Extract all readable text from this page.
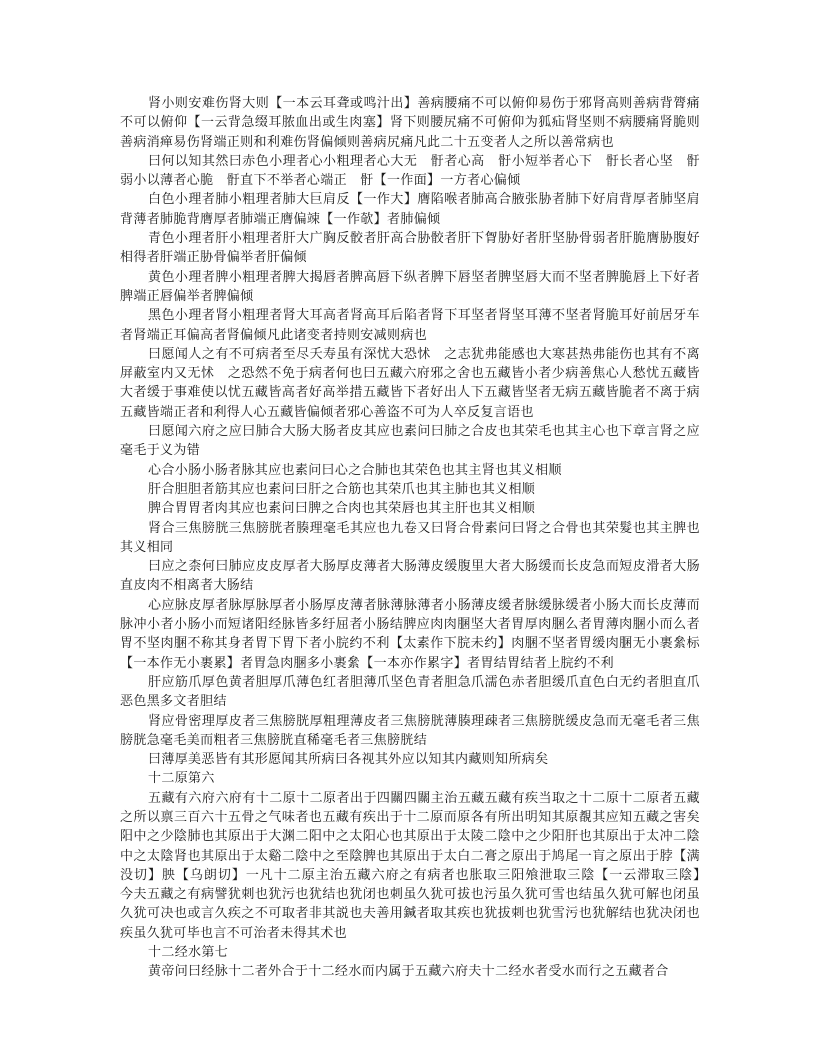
肾小则安难伤肾大则【一本云耳聋或鸣汁出】善病腰痛不可以俯仰易伤于邪肾高则善病背膂痛不可以俯仰【一云背急缀耳脓血出或生肉塞】肾下则腰尻痛不可俯仰为狐疝肾坚则不病腰痛肾脆则善病消瘅易伤肾端正则和利难伤肾偏倾则善病尻痛凡此二十五变者人之所以善常病也

曰何以知其然曰赤色小理者心小粗理者心大无　骬者心高　骬小短举者心下　骬长者心坚　骬弱小以薄者心脆　骬直下不举者心端正　骬【一作面】一方者心偏倾

白色小理者肺小粗理者肺大巨肩反【一作大】膺陷喉者肺高合腋张胁者肺下好肩背厚者肺坚肩背薄者肺脆背膺厚者肺端正膺偏竦【一作欹】者肺偏倾

青色小理者肝小粗理者肝大广胸反骹者肝高合胁骹者肝下胷胁好者肝坚胁骨弱者肝脆膺胁腹好相得者肝端正胁骨偏举者肝偏倾

黄色小理者脾小粗理者脾大揭唇者脾高唇下纵者脾下唇坚者脾坚唇大而不坚者脾脆唇上下好者脾端正唇偏举者脾偏倾

黑色小理者肾小粗理者肾大耳高者肾高耳后陷者肾下耳坚者肾坚耳薄不坚者肾脆耳好前居牙车者肾端正耳偏高者肾偏倾凡此诸变者持则安减则病也

曰愿闻人之有不可病者至尽夭寿虽有深忧大恐怵　之志犹弗能感也大寒甚热弗能伤也其有不离屏蔽室内又无怵　之恐然不免于病者何也曰五藏六府邪之舍也五藏皆小者少病善焦心人愁忧五藏皆大者缓于事难使以忧五藏皆高者好高举措五藏皆下者好出人下五藏皆坚者无病五藏皆脆者不离于病五藏皆端正者和利得人心五藏皆偏倾者邪心善盗不可为人卒反复言语也

曰愿闻六府之应曰肺合大肠大肠者皮其应也素问曰肺之合皮也其荣毛也其主心也下章言肾之应毫毛于义为错

心合小肠小肠者脉其应也素问曰心之合肺也其荣色也其主肾也其义相顺

肝合胆胆者筋其应也素问曰肝之合筋也其荣爪也其主肺也其义相顺

脾合胃胃者肉其应也素问曰脾之合肉也其荣唇也其主肝也其义相顺

肾合三焦膀胱三焦膀胱者腠理毫毛其应也九卷又曰肾合骨素问曰肾之合骨也其荣髮也其主脾也其义相同

曰应之柰何曰肺应皮皮厚者大肠厚皮薄者大肠薄皮缓腹里大者大肠缓而长皮急而短皮滑者大肠直皮肉不相离者大肠结

心应脉皮厚者脉厚脉厚者小肠厚皮薄者脉薄脉薄者小肠薄皮缓者脉缓脉缓者小肠大而长皮薄而脉冲小者小肠小而短诸阳经脉皆多纡屈者小肠结脾应肉肉䐃坚大者胃厚肉䐃么者胃薄肉䐃小而么者胃不坚肉䐃不称其身者胃下胃下者小脘约不利【太素作下脘未约】肉䐃不坚者胃缓肉䐃无小裹絫标　【一本作无小裹累】者胃急肉䐃多小裹絫【一本亦作累字】者胃结胃结者上脘约不利

肝应筋爪厚色黄者胆厚爪薄色红者胆薄爪坚色青者胆急爪濡色赤者胆缓爪直色白无约者胆直爪恶色黑多文者胆结

肾应骨密理厚皮者三焦膀胱厚粗理薄皮者三焦膀胱薄腠理疎者三焦膀胱缓皮急而无毫毛者三焦膀胱急毫毛美而粗者三焦膀胱直稀毫毛者三焦膀胱结

曰薄厚美恶皆有其形愿闻其所病曰各视其外应以知其内藏则知所病矣

十二原第六

五藏有六府六府有十二原十二原者出于四關四關主治五藏五藏有疾当取之十二原十二原者五藏之所以禀三百六十五骨之气味者也五藏有疾出于十二原而原各有所出明知其原覩其应知五藏之害矣阳中之少陰肺也其原出于大渊二阳中之太阳心也其原出于太陵二陰中之少阳肝也其原出于太冲二陰中之太陰肾也其原出于太谿二陰中之至陰脾也其原出于太白二膏之原出于鸠尾一肓之原出于脖【满没切】胦【乌朗切】一凡十二原主治五藏六府之有病者也胀取三阳飧泄取三陰【一云滞取三陰】　今夫五藏之有病譬犹刺也犹污也犹结也犹闭也刺虽久犹可拔也污虽久犹可雪也结虽久犹可解也闭虽久犹可决也或言久疾之不可取者非其説也夫善用鍼者取其疾也犹拔刺也犹雪污也犹解结也犹决闭也疾虽久犹可毕也言不可治者未得其术也

十二经水第七

黄帝问曰经脉十二者外合于十二经水而内属于五藏六府夫十二经水者受水而行之五藏者合
